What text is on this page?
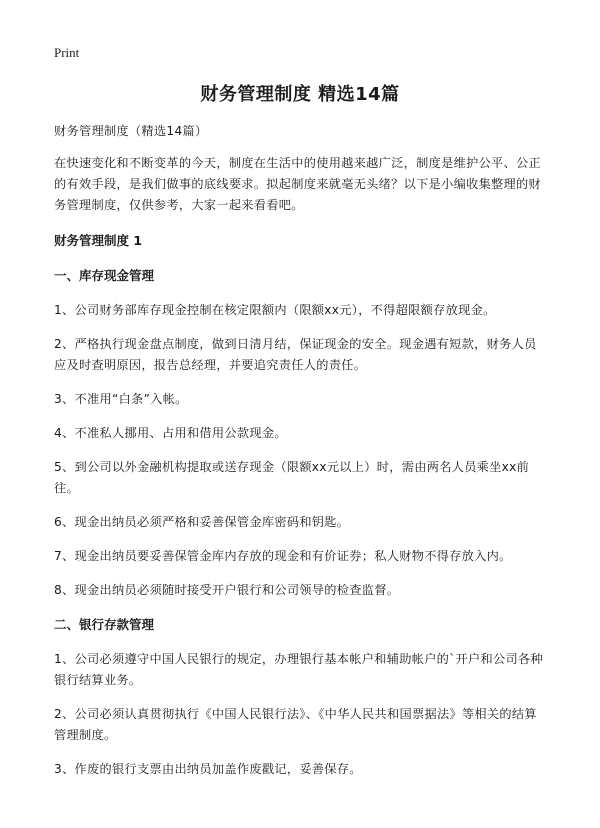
Print
财务管理制度 精选14篇

财务管理制度（精选14篇）

在快速变化和不断变革的今天，制度在生活中的使用越来越广泛，制度是维护公平、公正的有效手段，是我们做事的底线要求。拟起制度来就毫无头绪？以下是小编收集整理的财务管理制度，仅供参考，大家一起来看看吧。

财务管理制度 1
一、库存现金管理

1、公司财务部库存现金控制在核定限额内（限额xx元），不得超限额存放现金。

2、严格执行现金盘点制度，做到日清月结，保证现金的安全。现金遇有短款，财务人员应及时查明原因，报告总经理，并要追究责任人的责任。

3、不准用“白条”入帐。

4、不准私人挪用、占用和借用公款现金。

5、到公司以外金融机构提取或送存现金（限额xx元以上）时，需由两名人员乘坐xx前往。

6、现金出纳员必须严格和妥善保管金库密码和钥匙。

7、现金出纳员要妥善保管金库内存放的现金和有价证券；私人财物不得存放入内。

8、现金出纳员必须随时接受开户银行和公司领导的检查监督。

二、银行存款管理

1、公司必须遵守中国人民银行的规定，办理银行基本帐户和辅助帐户的`开户和公司各种银行结算业务。

2、公司必须认真贯彻执行《中国人民银行法》、《中华人民共和国票据法》等相关的结算管理制度。

3、作废的银行支票由出纳员加盖作废戳记，妥善保存。
